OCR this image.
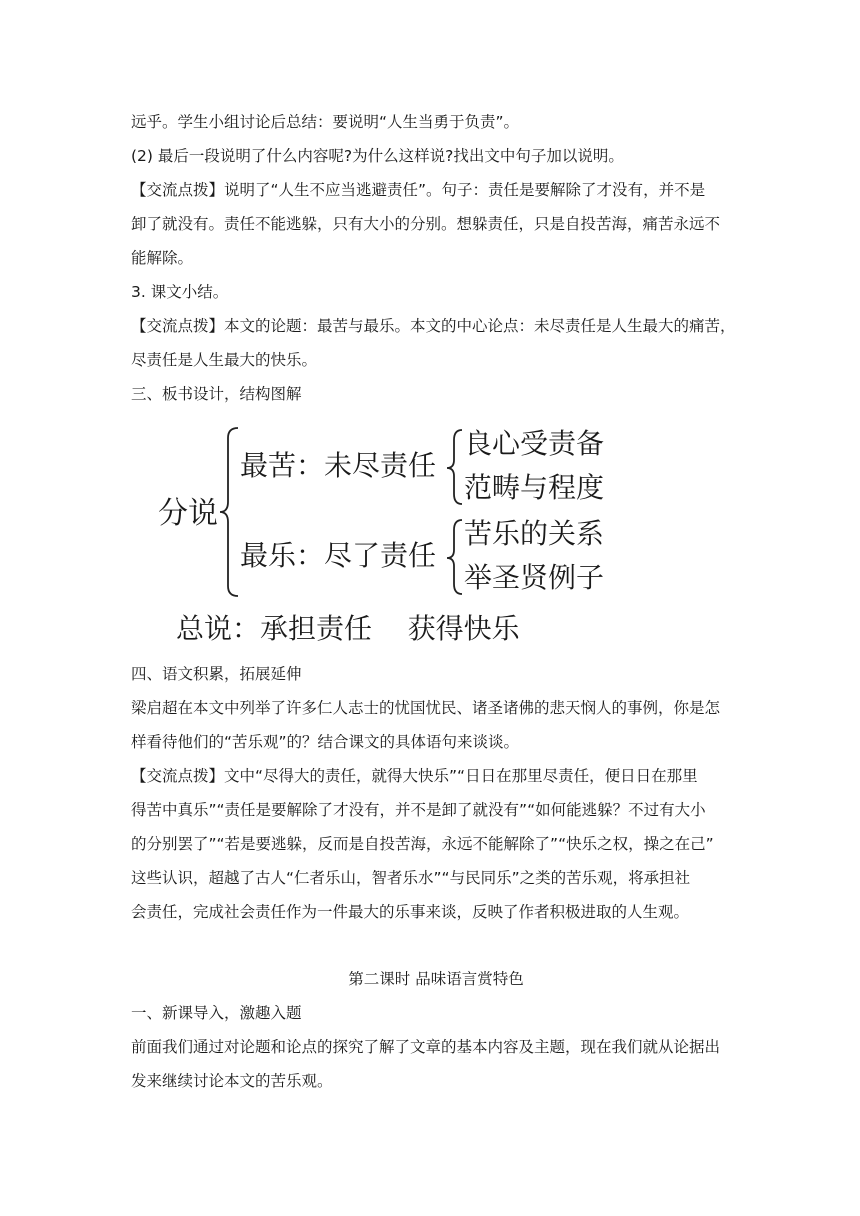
远乎。学生小组讨论后总结：要说明“人生当勇于负责”。
(2) 最后一段说明了什么内容呢?为什么这样说?找出文中句子加以说明。
【交流点拨】说明了“人生不应当逃避责任”。句子：责任是要解除了才没有，并不是
卸了就没有。责任不能逃躲，只有大小的分别。想躲责任，只是自投苦海，痛苦永远不
能解除。
3. 课文小结。
【交流点拨】本文的论题：最苦与最乐。本文的中心论点：未尽责任是人生最大的痛苦，
尽责任是人生最大的快乐。
三、板书设计，结构图解
分说
最苦：未尽责任
良心受责备
范畴与程度
最乐：尽了责任
苦乐的关系
举圣贤例子
总说：承担责任    获得快乐
四、语文积累，拓展延伸
梁启超在本文中列举了许多仁人志士的忧国忧民、诸圣诸佛的悲天悯人的事例，你是怎
样看待他们的“苦乐观”的？结合课文的具体语句来谈谈。
【交流点拨】文中“尽得大的责任，就得大快乐”“日日在那里尽责任，便日日在那里
得苦中真乐”“责任是要解除了才没有，并不是卸了就没有”“如何能逃躲？不过有大小
的分别罢了”“若是要逃躲，反而是自投苦海，永远不能解除了”“快乐之权，操之在己”
这些认识，超越了古人“仁者乐山，智者乐水”“与民同乐”之类的苦乐观，将承担社
会责任，完成社会责任作为一件最大的乐事来谈，反映了作者积极进取的人生观。
第二课时 品味语言赏特色
一、新课导入，激趣入题
前面我们通过对论题和论点的探究了解了文章的基本内容及主题，现在我们就从论据出
发来继续讨论本文的苦乐观。
